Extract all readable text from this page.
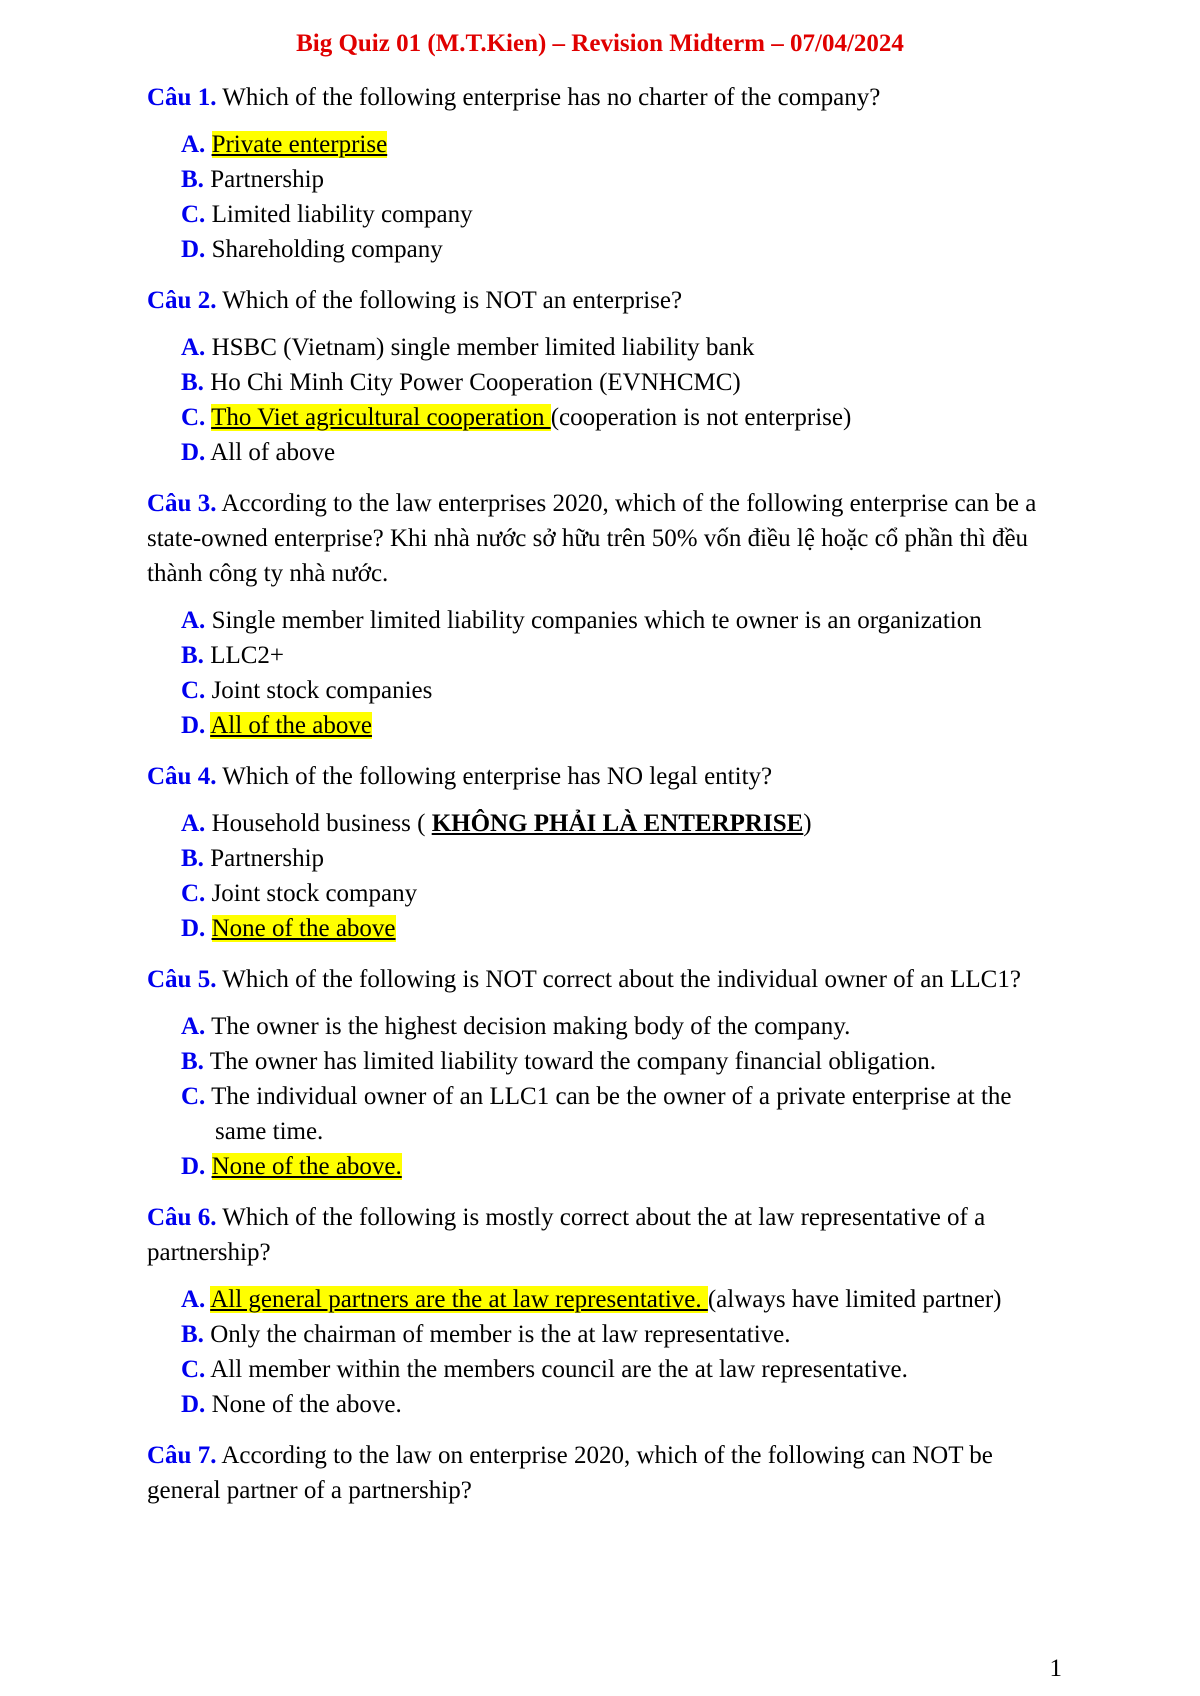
Big Quiz 01 (M.T.Kien) – Revision Midterm – 07/04/2024

Câu 1. Which of the following enterprise has no charter of the company?

A. Private enterprise

B. Partnership

C. Limited liability company

D. Shareholding company

Câu 2. Which of the following is NOT an enterprise?

A. HSBC (Vietnam) single member limited liability bank

B. Ho Chi Minh City Power Cooperation (EVNHCMC)

C. Tho Viet agricultural cooperation (cooperation is not enterprise)

D. All of above

Câu 3. According to the law enterprises 2020, which of the following enterprise can be a state-owned enterprise? Khi nhà nước sở hữu trên 50% vốn điều lệ hoặc cổ phần thì đều thành công ty nhà nước.

A. Single member limited liability companies which te owner is an organization

B. LLC2+

C. Joint stock companies

D. All of the above

Câu 4. Which of the following enterprise has NO legal entity?

A. Household business ( KHÔNG PHẢI LÀ ENTERPRISE)

B. Partnership

C. Joint stock company

D. None of the above

Câu 5. Which of the following is NOT correct about the individual owner of an LLC1?

A. The owner is the highest decision making body of the company.

B. The owner has limited liability toward the company financial obligation.

C. The individual owner of an LLC1 can be the owner of a private enterprise at the same time.

D. None of the above.

Câu 6. Which of the following is mostly correct about the at law representative of a partnership?

A. All general partners are the at law representative. (always have limited partner)

B. Only the chairman of member is the at law representative.

C. All member within the members council are the at law representative.

D. None of the above.

Câu 7. According to the law on enterprise 2020, which of the following can NOT be general partner of a partnership?

1
